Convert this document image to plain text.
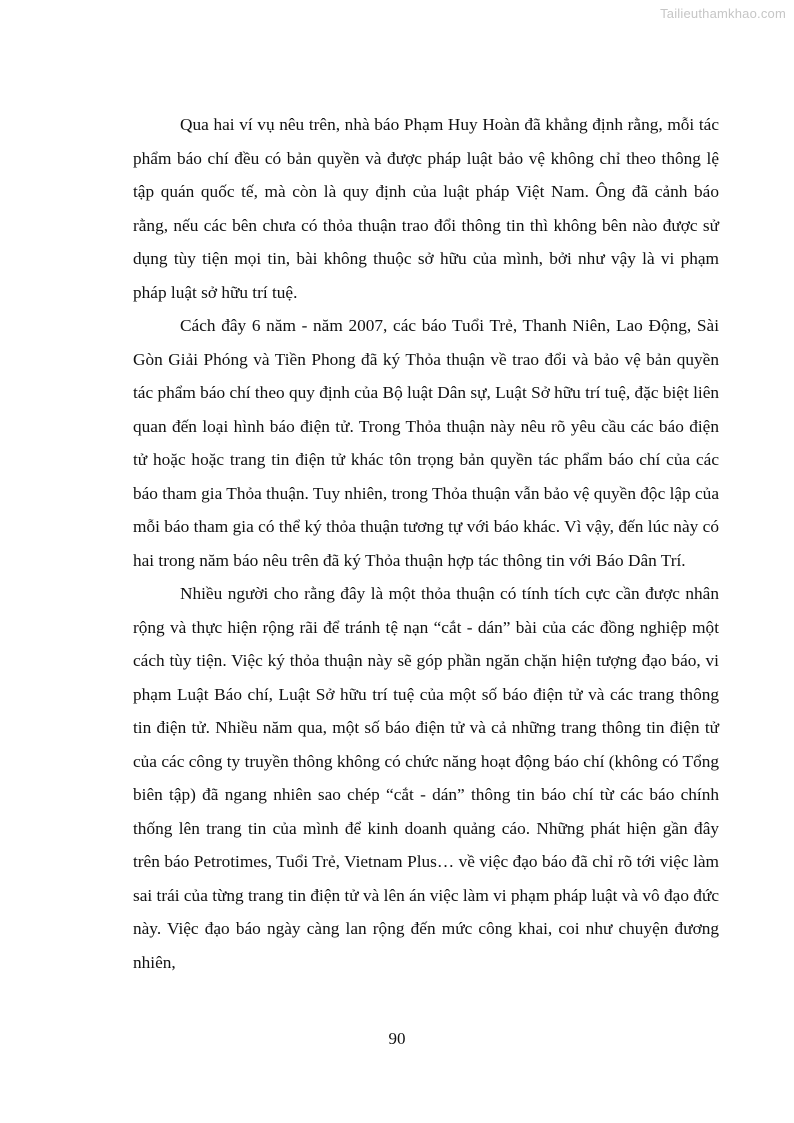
Tailieuthamkhao.com

Qua hai ví vụ nêu trên, nhà báo Phạm Huy Hoàn đã khẳng định rằng, mỗi tác phẩm báo chí đều có bản quyền và được pháp luật bảo vệ không chỉ theo thông lệ tập quán quốc tế, mà còn là quy định của luật pháp Việt Nam. Ông đã cảnh báo rằng, nếu các bên chưa có thỏa thuận trao đổi thông tin thì không bên nào được sử dụng tùy tiện mọi tin, bài không thuộc sở hữu của mình, bởi như vậy là vi phạm pháp luật sở hữu trí tuệ.

Cách đây 6 năm - năm 2007, các báo Tuổi Trẻ, Thanh Niên, Lao Động, Sài Gòn Giải Phóng và Tiền Phong đã ký Thỏa thuận về trao đổi và bảo vệ bản quyền tác phẩm báo chí theo quy định của Bộ luật Dân sự, Luật Sở hữu trí tuệ, đặc biệt liên quan đến loại hình báo điện tử. Trong Thỏa thuận này nêu rõ yêu cầu các báo điện tử hoặc hoặc trang tin điện tử khác tôn trọng bản quyền tác phẩm báo chí của các báo tham gia Thỏa thuận. Tuy nhiên, trong Thỏa thuận vẫn bảo vệ quyền độc lập của mỗi báo tham gia có thể ký thỏa thuận tương tự với báo khác. Vì vậy, đến lúc này có hai trong năm báo nêu trên đã ký Thỏa thuận hợp tác thông tin với Báo Dân Trí.

Nhiều người cho rằng đây là một thỏa thuận có tính tích cực cần được nhân rộng và thực hiện rộng rãi để tránh tệ nạn “cắt - dán” bài của các đồng nghiệp một cách tùy tiện. Việc ký thỏa thuận này sẽ góp phần ngăn chặn hiện tượng đạo báo, vi phạm Luật Báo chí, Luật Sở hữu trí tuệ của một số báo điện tử và các trang thông tin điện tử. Nhiều năm qua, một số báo điện tử và cả những trang thông tin điện tử của các công ty truyền thông không có chức năng hoạt động báo chí (không có Tổng biên tập) đã ngang nhiên sao chép “cắt - dán” thông tin báo chí từ các báo chính thống lên trang tin của mình để kinh doanh quảng cáo. Những phát hiện gần đây trên báo Petrotimes, Tuổi Trẻ, Vietnam Plus… về việc đạo báo đã chỉ rõ tới việc làm sai trái của từng trang tin điện tử và lên án việc làm vi phạm pháp luật và vô đạo đức này. Việc đạo báo ngày càng lan rộng đến mức công khai, coi như chuyện đương nhiên,

90
